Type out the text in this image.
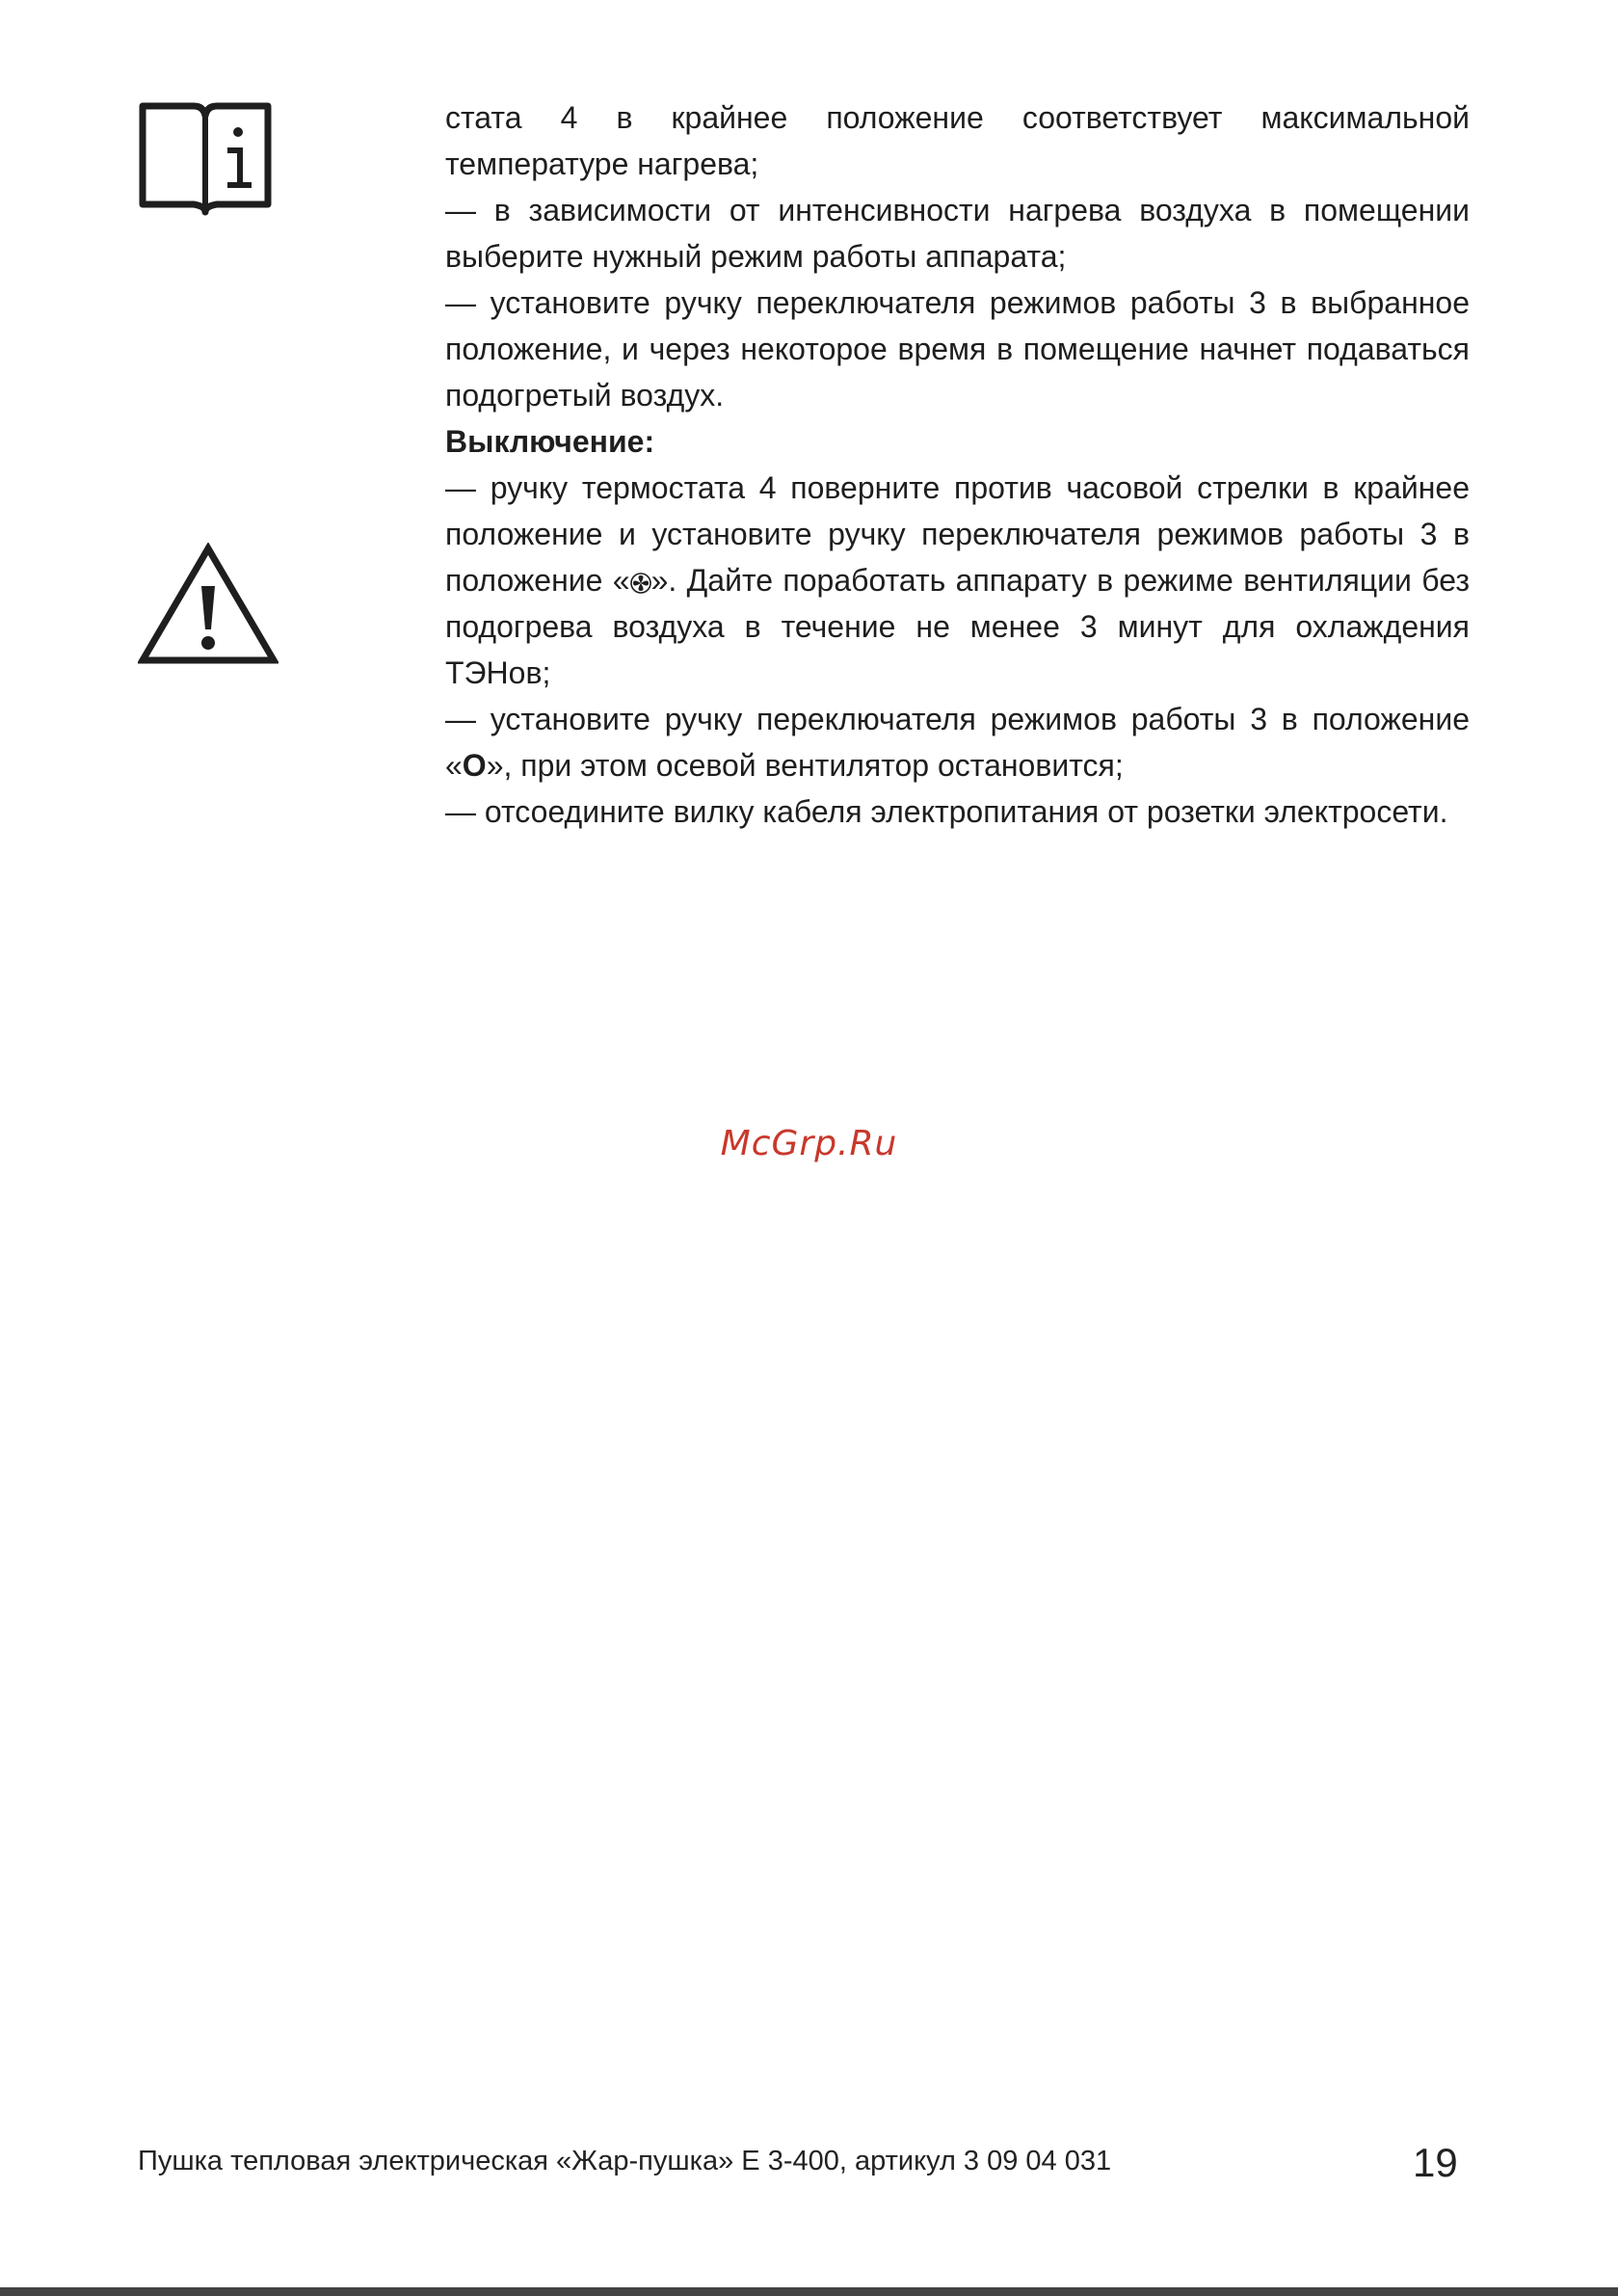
стата 4 в крайнее положение соответствует максимальной температуре нагрева;

— в зависимости от интенсивности нагрева воздуха в помещении выберите нужный режим работы аппарата;

— установите ручку переключателя режимов работы 3 в выбранное положение, и через некоторое время в помещение начнет подаваться подогретый воздух.

Выключение:

— ручку термостата 4 поверните против часовой стрелки в крайнее положение и установите ручку переключателя режимов работы 3 в положение « ». Дайте поработать аппарату в режиме вентиляции без подогрева воздуха в течение не менее 3 минут для охлаждения ТЭНов;

— установите ручку переключателя режимов работы 3 в положение «O», при этом осевой вентилятор остановится;

— отсоедините вилку кабеля электропитания от розетки электросети.

McGrp.Ru
Пушка тепловая электрическая «Жар-пушка» Е 3-400, артикул 3 09 04 031	19
